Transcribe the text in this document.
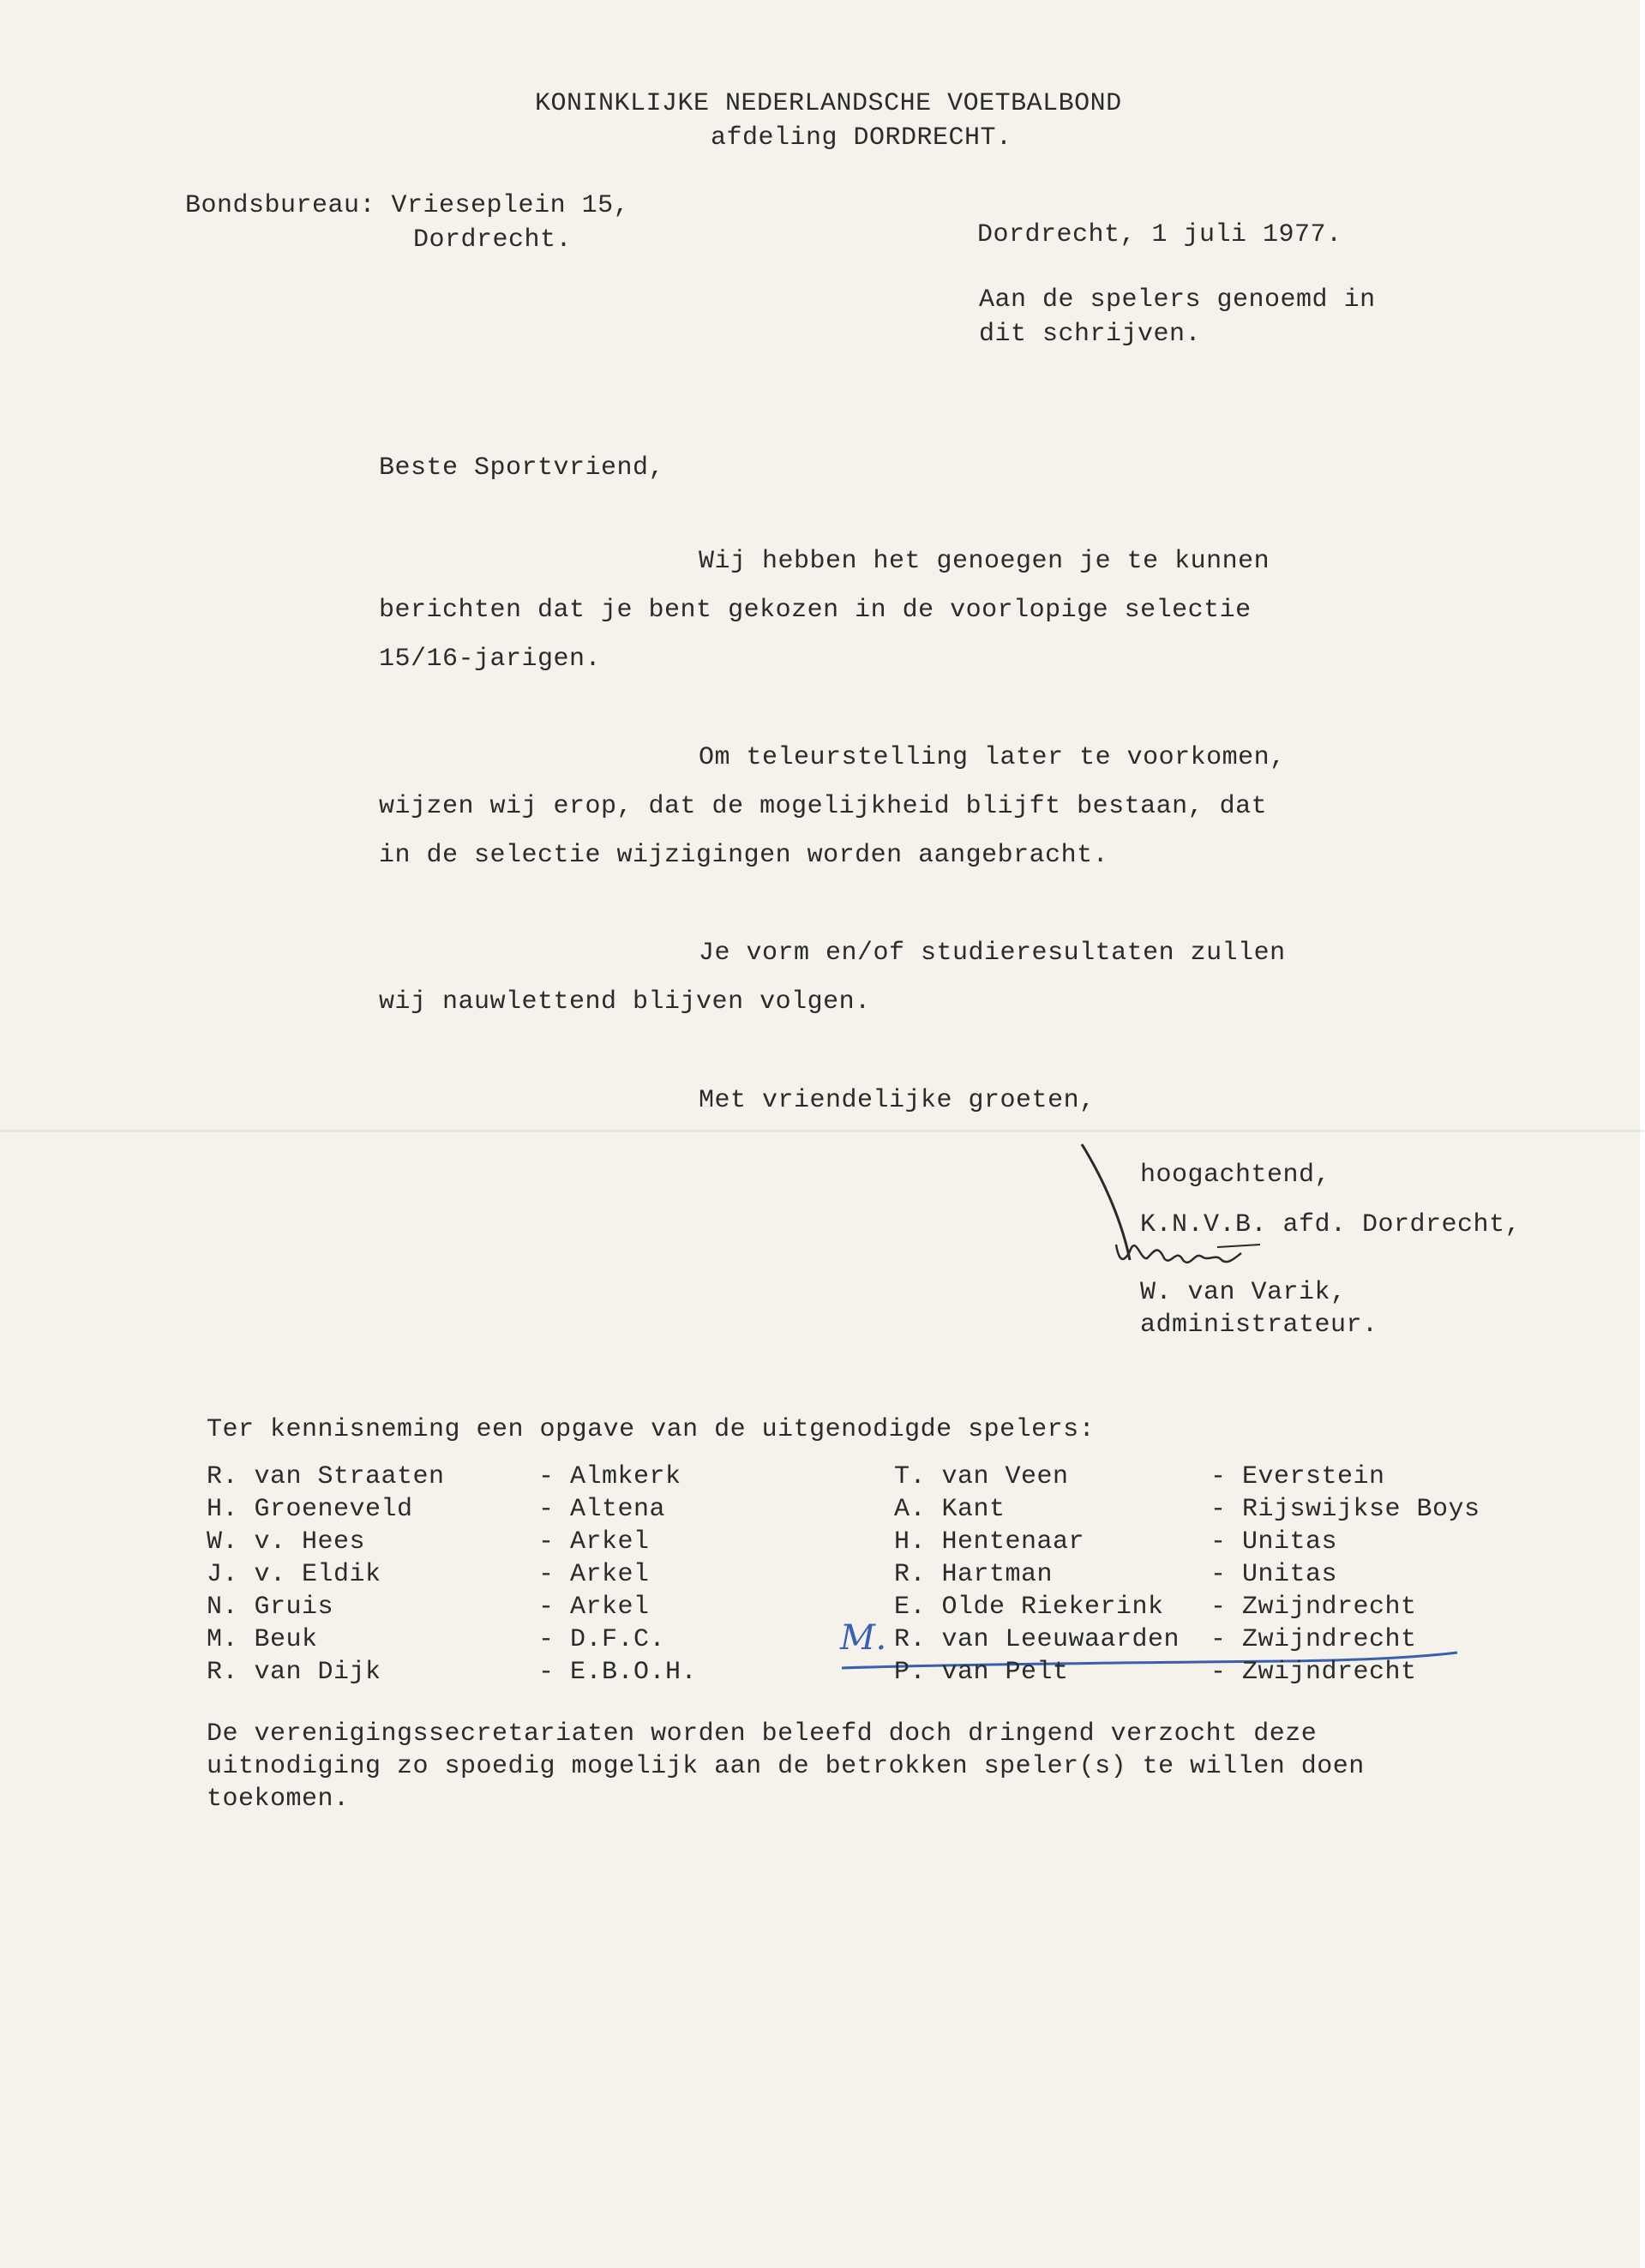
KONINKLIJKE NEDERLANDSCHE VOETBALBOND
afdeling DORDRECHT.
Bondsbureau: Vrieseplein 15,
Dordrecht.	Dordrecht, 1 juli 1977.
Aan de spelers genoemd in
dit schrijven.
Beste Sportvriend,
Wij hebben het genoegen je te kunnen
berichten dat je bent gekozen in de voorlopige selectie
15/16-jarigen.
Om teleurstelling later te voorkomen,
wijzen wij erop, dat de mogelijkheid blijft bestaan, dat
in de selectie wijzigingen worden aangebracht.
Je vorm en/of studieresultaten zullen
wij nauwlettend blijven volgen.
Met vriendelijke groeten,
hoogachtend,
K.N.V.B. afd. Dordrecht,
W. van Varik,
administrateur.
Ter kennisneming een opgave van de uitgenodigde spelers:
R. van Straaten	- Almkerk
H. Groeneveld	- Altena
W. v. Hees	- Arkel
J. v. Eldik	- Arkel
N. Gruis	- Arkel
M. Beuk	- D.F.C.
R. van Dijk	- E.B.O.H.
T. van Veen	- Everstein
A. Kant	- Rijswijkse Boys
H. Hentenaar	- Unitas
R. Hartman	- Unitas
E. Olde Riekerink - Zwijndrecht
M. R. van Leeuwaarden - Zwijndrecht
P. van Pelt	- Zwijndrecht
De verenigingssecretariaten worden beleefd doch dringend verzocht deze
uitnodiging zo spoedig mogelijk aan de betrokken speler(s) te willen doen
toekomen.
